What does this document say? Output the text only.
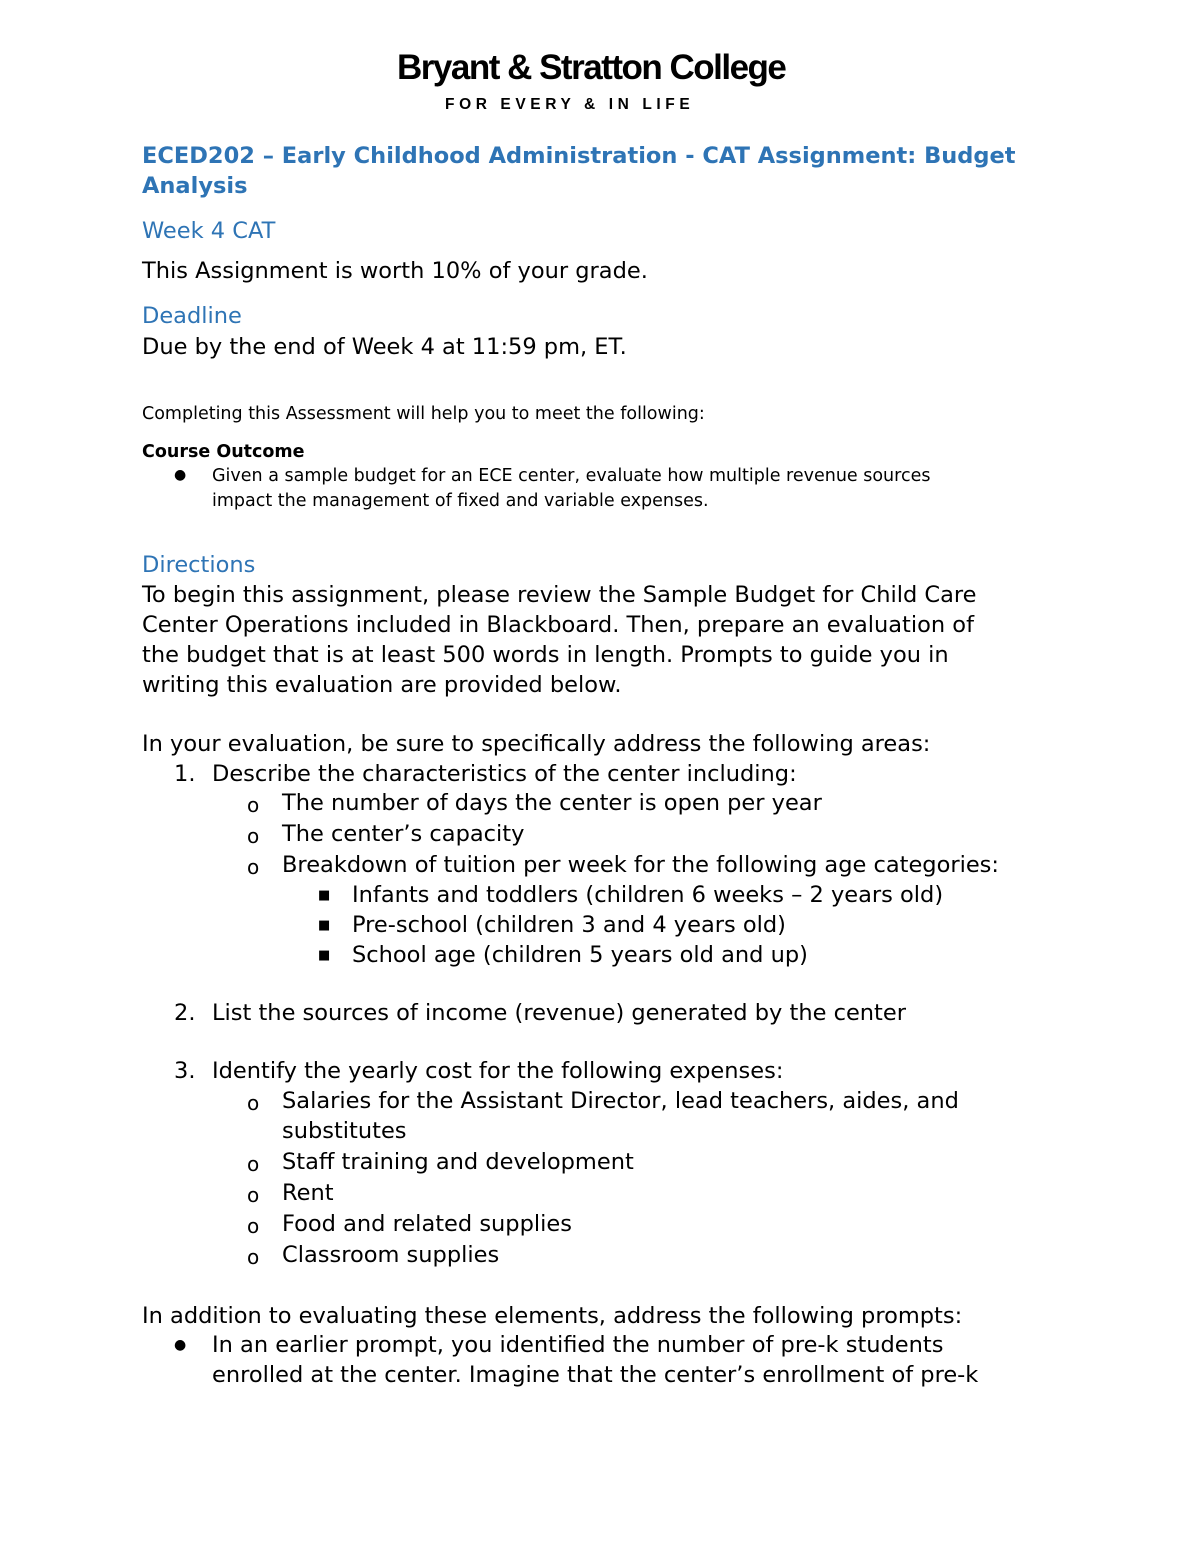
Bryant & Stratton College
FOR EVERY & IN LIFE
ECED202 – Early Childhood Administration - CAT Assignment: Budget Analysis
Week 4 CAT
This Assignment is worth 10% of your grade.
Deadline
Due by the end of Week 4 at 11:59 pm, ET.
Completing this Assessment will help you to meet the following:
Course Outcome
● Given a sample budget for an ECE center, evaluate how multiple revenue sources
impact the management of fixed and variable expenses.
Directions
To begin this assignment, please review the Sample Budget for Child Care
Center Operations included in Blackboard. Then, prepare an evaluation of
the budget that is at least 500 words in length. Prompts to guide you in
writing this evaluation are provided below.
In your evaluation, be sure to specifically address the following areas:
1. Describe the characteristics of the center including:
o The number of days the center is open per year
o The center’s capacity
o Breakdown of tuition per week for the following age categories:
■ Infants and toddlers (children 6 weeks – 2 years old)
■ Pre-school (children 3 and 4 years old)
■ School age (children 5 years old and up)
2. List the sources of income (revenue) generated by the center
3. Identify the yearly cost for the following expenses:
o Salaries for the Assistant Director, lead teachers, aides, and
substitutes
o Staff training and development
o Rent
o Food and related supplies
o Classroom supplies
In addition to evaluating these elements, address the following prompts:
● In an earlier prompt, you identified the number of pre-k students
enrolled at the center. Imagine that the center’s enrollment of pre-k
